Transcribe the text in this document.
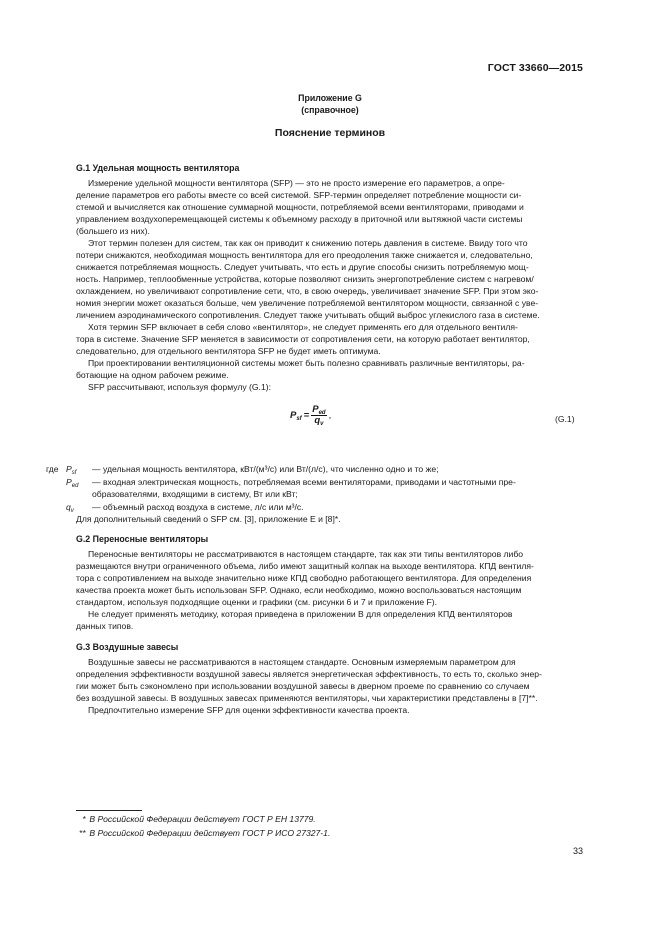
ГОСТ 33660—2015
Приложение G
(справочное)
Пояснение терминов
G.1 Удельная мощность вентилятора
Измерение удельной мощности вентилятора (SFP) — это не просто измерение его параметров, а опре-
деление параметров его работы вместе со всей системой. SFP-термин определяет потребление мощности си-
стемой и вычисляется как отношение суммарной мощности, потребляемой всеми вентиляторами, приводами и
управлением воздухоперемещающей системы к объемному расходу в приточной или вытяжной части системы
(большего из них).
Этот термин полезен для систем, так как он приводит к снижению потерь давления в системе. Ввиду того что
потери снижаются, необходимая мощность вентилятора для его преодоления также снижается и, следовательно,
снижается потребляемая мощность. Следует учитывать, что есть и другие способы снизить потребляемую мощ-
ность. Например, теплообменные устройства, которые позволяют снизить энергопотребление систем с нагревом/
охлаждением, но увеличивают сопротивление сети, что, в свою очередь, увеличивает значение SFP. При этом эко-
номия энергии может оказаться больше, чем увеличение потребляемой вентилятором мощности, связанной с уве-
личением аэродинамического сопротивления. Следует также учитывать общий выброс углекислого газа в системе.
Хотя термин SFP включает в себя слово «вентилятор», не следует применять его для отдельного вентиля-
тора в системе. Значение SFP меняется в зависимости от сопротивления сети, на которую работает вентилятор,
следовательно, для отдельного вентилятора SFP не будет иметь оптимума.
При проектировании вентиляционной системы может быть полезно сравнивать различные вентиляторы, ра-
ботающие на одном рабочем режиме.
SFP рассчитывают, используя формулу (G.1):
$P_{sf}$ =
$P_{ed}$
$q_v$
,	(G.1)
где $P_{sf}$	— удельная мощность вентилятора, кВт/(м³/с) или Вт/(л/с), что численно одно и то же;
$P_{ed}$	— входная электрическая мощность, потребляемая всеми вентиляторами, приводами и частотными пре-
образователями, входящими в систему, Вт или кВт;
$q_v$	— объемный расход воздуха в системе, л/с или м³/с.
Для дополнительный сведений о SFP см. [3], приложение Е и [8]*.
G.2 Переносные вентиляторы
Переносные вентиляторы не рассматриваются в настоящем стандарте, так как эти типы вентиляторов либо
размещаются внутри ограниченного объема, либо имеют защитный колпак на выходе вентилятора. КПД вентиля-
тора с сопротивлением на выходе значительно ниже КПД свободно работающего вентилятора. Для определения
качества проекта может быть использован SFP. Однако, если необходимо, можно воспользоваться настоящим
стандартом, используя подходящие оценки и графики (см. рисунки 6 и 7 и приложение F).
Не следует применять методику, которая приведена в приложении В для определения КПД вентиляторов
данных типов.
G.3 Воздушные завесы
Воздушные завесы не рассматриваются в настоящем стандарте. Основным измеряемым параметром для
определения эффективности воздушной завесы является энергетическая эффективность, то есть то, сколько энер-
гии может быть сэкономлено при использовании воздушной завесы в дверном проеме по сравнению со случаем
без воздушной завесы. В воздушных завесах применяются вентиляторы, чьи характеристики представлены в [7]**.
Предпочтительно измерение SFP для оценки эффективности качества проекта.
* В Российской Федерации действует ГОСТ Р ЕН 13779.
** В Российской Федерации действует ГОСТ Р ИСО 27327-1.
33
